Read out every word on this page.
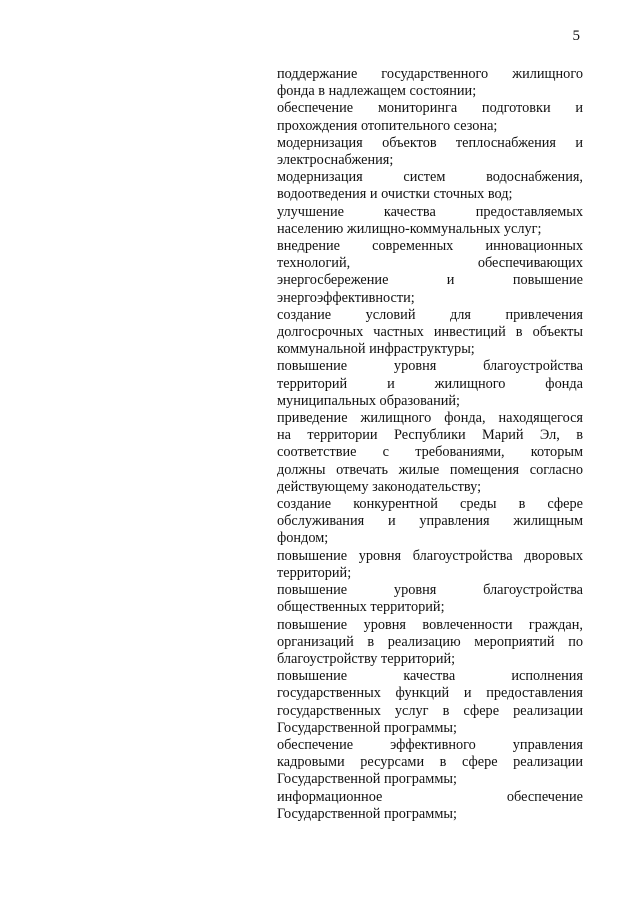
5
поддержание государственного жилищного
фонда в надлежащем состоянии;
обеспечение мониторинга подготовки и
прохождения отопительного сезона;
модернизация объектов теплоснабжения и
электроснабжения;
модернизация систем водоснабжения,
водоотведения и очистки сточных вод;
улучшение качества предоставляемых
населению жилищно-коммунальных услуг;
внедрение современных инновационных
технологий, обеспечивающих
энергосбережение и повышение
энергоэффективности;
создание условий для привлечения
долгосрочных частных инвестиций в объекты
коммунальной инфраструктуры;
повышение уровня благоустройства
территорий и жилищного фонда
муниципальных образований;
приведение жилищного фонда, находящегося
на территории Республики Марий Эл, в
соответствие с требованиями, которым
должны отвечать жилые помещения согласно
действующему законодательству;
создание конкурентной среды в сфере
обслуживания и управления жилищным
фондом;
повышение уровня благоустройства дворовых
территорий;
повышение уровня благоустройства
общественных территорий;
повышение уровня вовлеченности граждан,
организаций в реализацию мероприятий по
благоустройству территорий;
повышение качества исполнения
государственных функций и предоставления
государственных услуг в сфере реализации
Государственной программы;
обеспечение эффективного управления
кадровыми ресурсами в сфере реализации
Государственной программы;
информационное обеспечение
Государственной программы;
